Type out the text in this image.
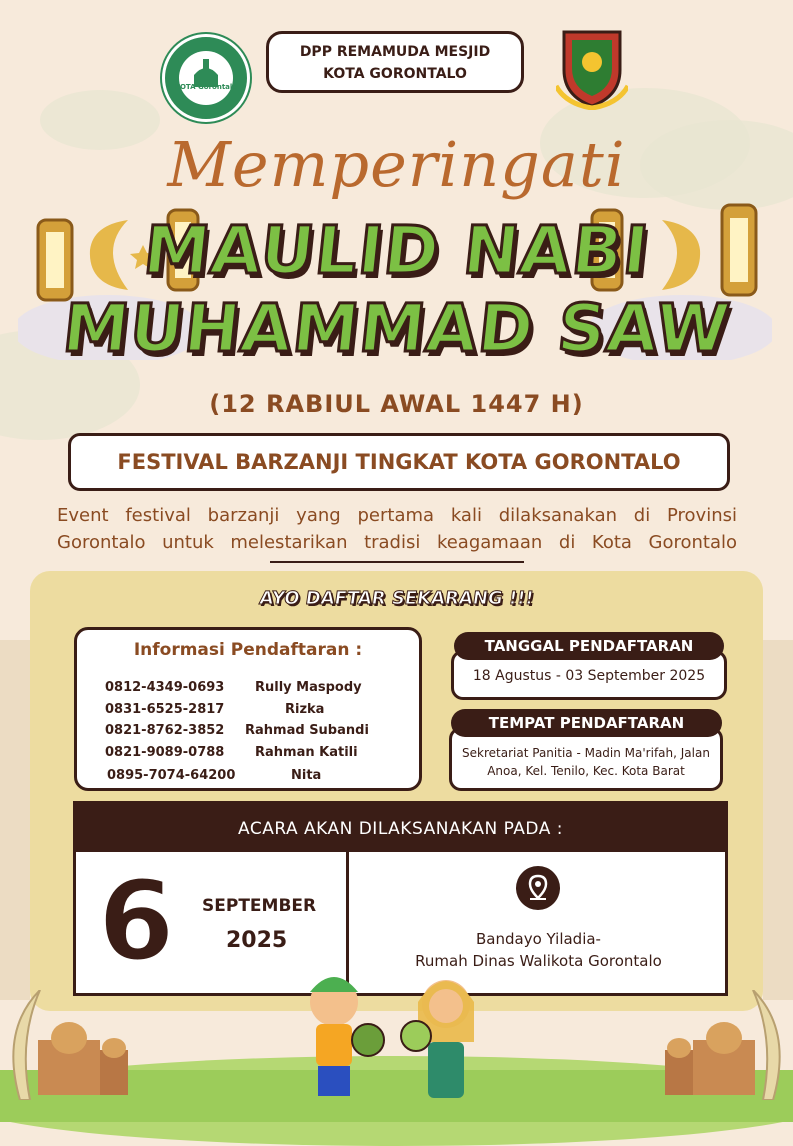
KOTA Gorontalo
DPP REMAMUDA MESJID
KOTA GORONTALO
Memperingati
MAULID NABI
MUHAMMAD SAW
(12 RABIUL AWAL 1447 H)
FESTIVAL BARZANJI TINGKAT KOTA GORONTALO
Event festival barzanji yang pertama kali dilaksanakan di Provinsi
Gorontalo untuk melestarikan tradisi keagamaan di Kota Gorontalo
AYO DAFTAR SEKARANG !!!
Informasi Pendaftaran :
0812-4349-0693 Rully Maspody
0831-6525-2817	Rizka
0821-8762-3852 Rahmad Subandi
0821-9089-0788 Rahman Katili
0895-7074-64200	Nita
18 Agustus - 03 September 2025
TANGGAL PENDAFTARAN
Sekretariat Panitia - Madin Ma'rifah, Jalan
Anoa, Kel. Tenilo, Kec. Kota Barat
TEMPAT PENDAFTARAN
ACARA AKAN DILAKSANAKAN PADA :
6 SEPTEMBER
2025	Bandayo Yiladia-
Rumah Dinas Walikota Gorontalo
